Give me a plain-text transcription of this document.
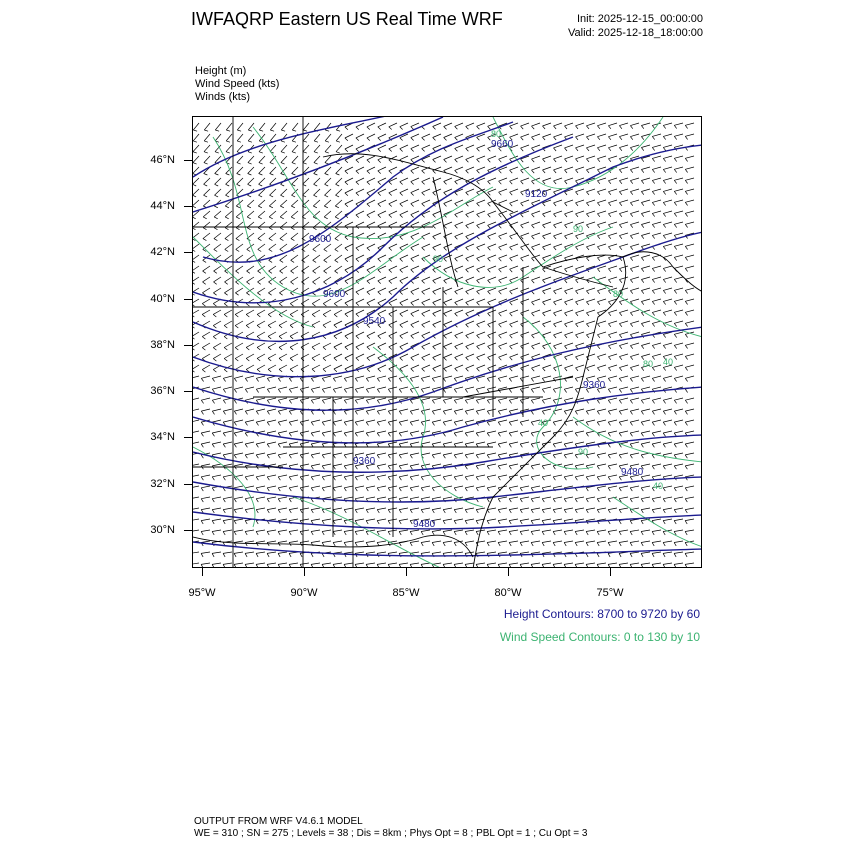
IWFAQRP Eastern US Real Time WRF	Init: 2025-12-15_00:00:00
Valid: 2025-12-18_18:00:00
Height (m)
Wind Speed (kts)
Winds (kts)
9660
9120
9600
9600
9540
9360
9360
9480
9480
80
90
90
80
80
40
90
40
40
46°N
44°N
42°N
40°N
38°N
36°N
34°N
32°N
30°N
95°W	90°W	85°W	80°W	75°W
Height Contours: 8700 to 9720 by 60
Wind Speed Contours: 0 to 130 by 10
OUTPUT FROM WRF V4.6.1 MODEL
WE = 310 ; SN = 275 ; Levels = 38 ; Dis = 8km ; Phys Opt = 8 ; PBL Opt = 1 ; Cu Opt = 3
